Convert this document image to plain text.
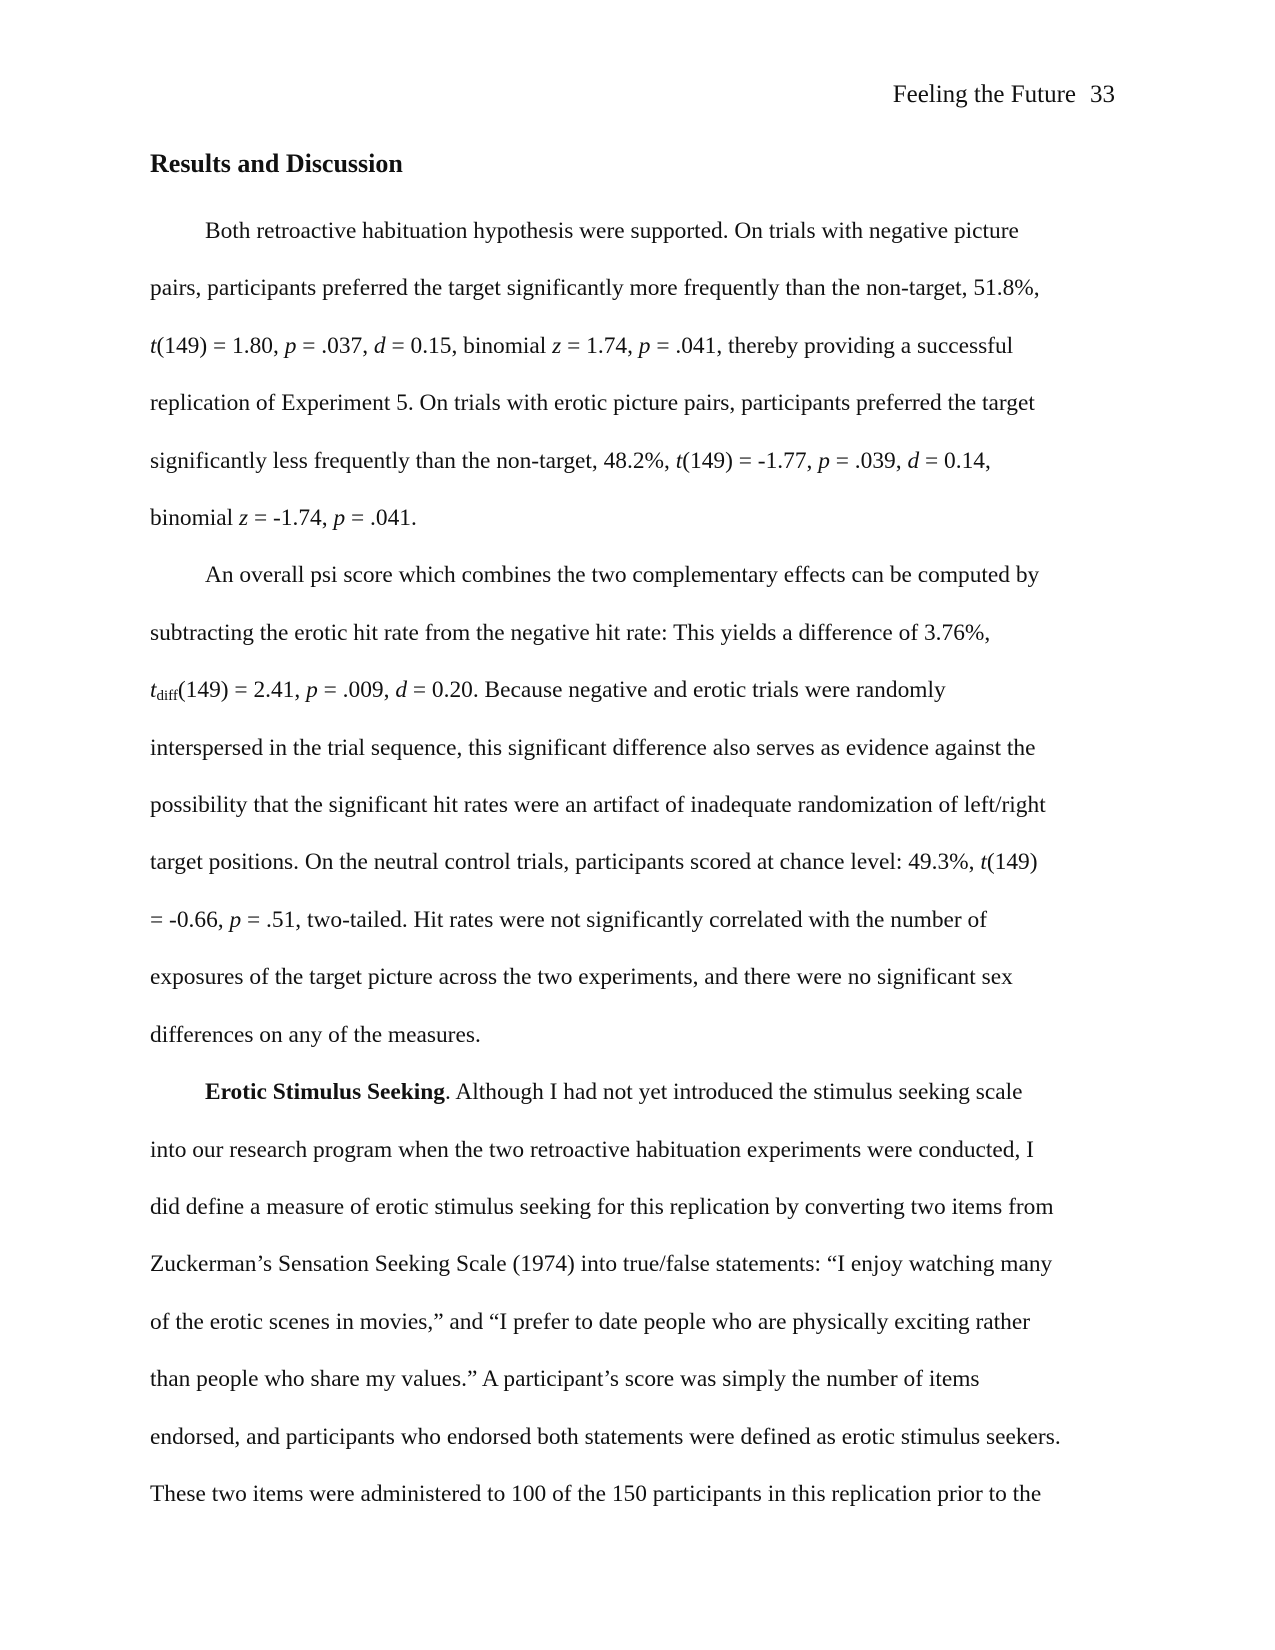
Feeling the Future 33
Results and Discussion

Both retroactive habituation hypothesis were supported. On trials with negative picture
pairs, participants preferred the target significantly more frequently than the non-target, 51.8%,
t(149) = 1.80, p = .037, d = 0.15, binomial z = 1.74, p = .041, thereby providing a successful
replication of Experiment 5. On trials with erotic picture pairs, participants preferred the target
significantly less frequently than the non-target, 48.2%, t(149) = -1.77, p = .039, d = 0.14,
binomial z = -1.74, p = .041.

An overall psi score which combines the two complementary effects can be computed by
subtracting the erotic hit rate from the negative hit rate: This yields a difference of 3.76%,
$t_{diff}(149) = 2.41$, p = .009, d = 0.20. Because negative and erotic trials were randomly
interspersed in the trial sequence, this significant difference also serves as evidence against the
possibility that the significant hit rates were an artifact of inadequate randomization of left/right
target positions. On the neutral control trials, participants scored at chance level: 49.3%, t(149)
= -0.66, p = .51, two-tailed. Hit rates were not significantly correlated with the number of
exposures of the target picture across the two experiments, and there were no significant sex
differences on any of the measures.

Erotic Stimulus Seeking. Although I had not yet introduced the stimulus seeking scale
into our research program when the two retroactive habituation experiments were conducted, I
did define a measure of erotic stimulus seeking for this replication by converting two items from
Zuckerman’s Sensation Seeking Scale (1974) into true/false statements: “I enjoy watching many
of the erotic scenes in movies,” and “I prefer to date people who are physically exciting rather
than people who share my values.” A participant’s score was simply the number of items
endorsed, and participants who endorsed both statements were defined as erotic stimulus seekers.
These two items were administered to 100 of the 150 participants in this replication prior to the
